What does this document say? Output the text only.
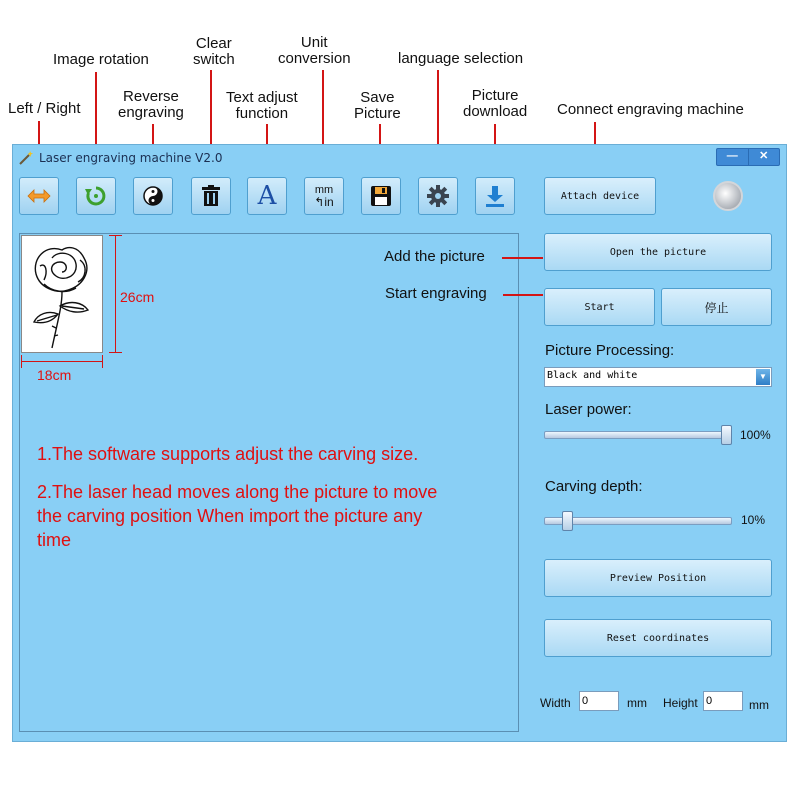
Left / Right
Image rotation
Reverse
engraving
Clear
switch
Text adjust
function
Unit
conversion
Save
Picture
language selection
Picture
download Connect engraving machine
Laser engraving machine V2.0	—	✕
A	mm
↰in	Attach device
26cm
18cm
1.The software supports adjust the carving size.
2.The laser head moves along the picture to move
the carving position When import the picture any
time
Open the picture
Start	停止
Picture Processing:
Black and white	▼
Laser power:
100%
Carving depth:
10%
Preview Position
Reset coordinates
Width 0	mm Height 0	mm
Add the picture
Start engraving
